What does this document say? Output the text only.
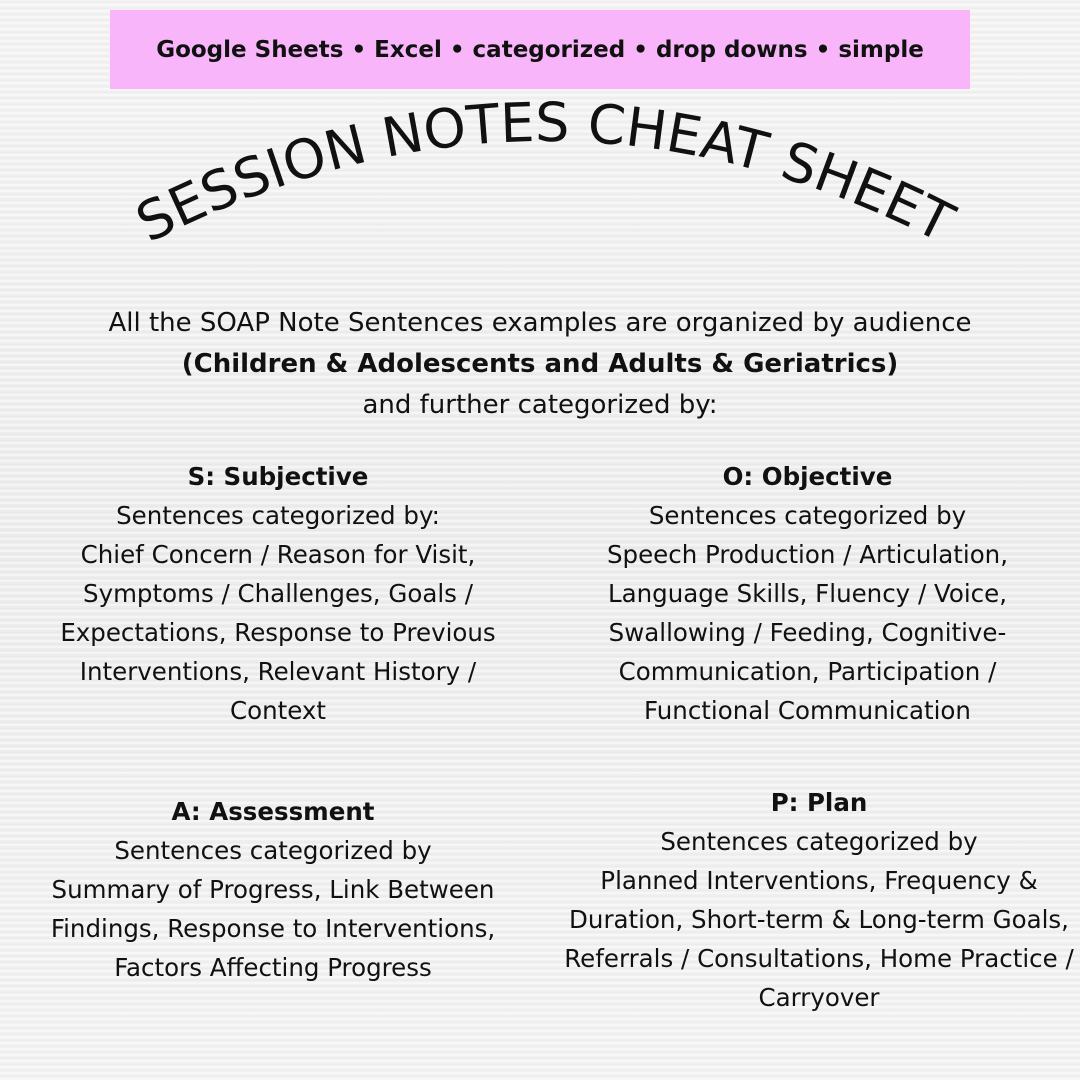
Google Sheets • Excel • categorized • drop downs • simple
SESSION NOTES CHEAT SHEET
All the SOAP Note Sentences examples are organized by audience
(Children & Adolescents and Adults & Geriatrics)
and further categorized by:
S: Subjective
Sentences categorized by:
Chief Concern / Reason for Visit, Symptoms / Challenges, Goals / Expectations, Response to Previous Interventions, Relevant History / Context
O: Objective
Sentences categorized by
Speech Production / Articulation, Language Skills, Fluency / Voice, Swallowing / Feeding, Cognitive-Communication, Participation / Functional Communication
A: Assessment
Sentences categorized by
Summary of Progress, Link Between Findings, Response to Interventions, Factors Affecting Progress
P: Plan
Sentences categorized by
Planned Interventions, Frequency & Duration, Short-term & Long-term Goals, Referrals / Consultations, Home Practice / Carryover
